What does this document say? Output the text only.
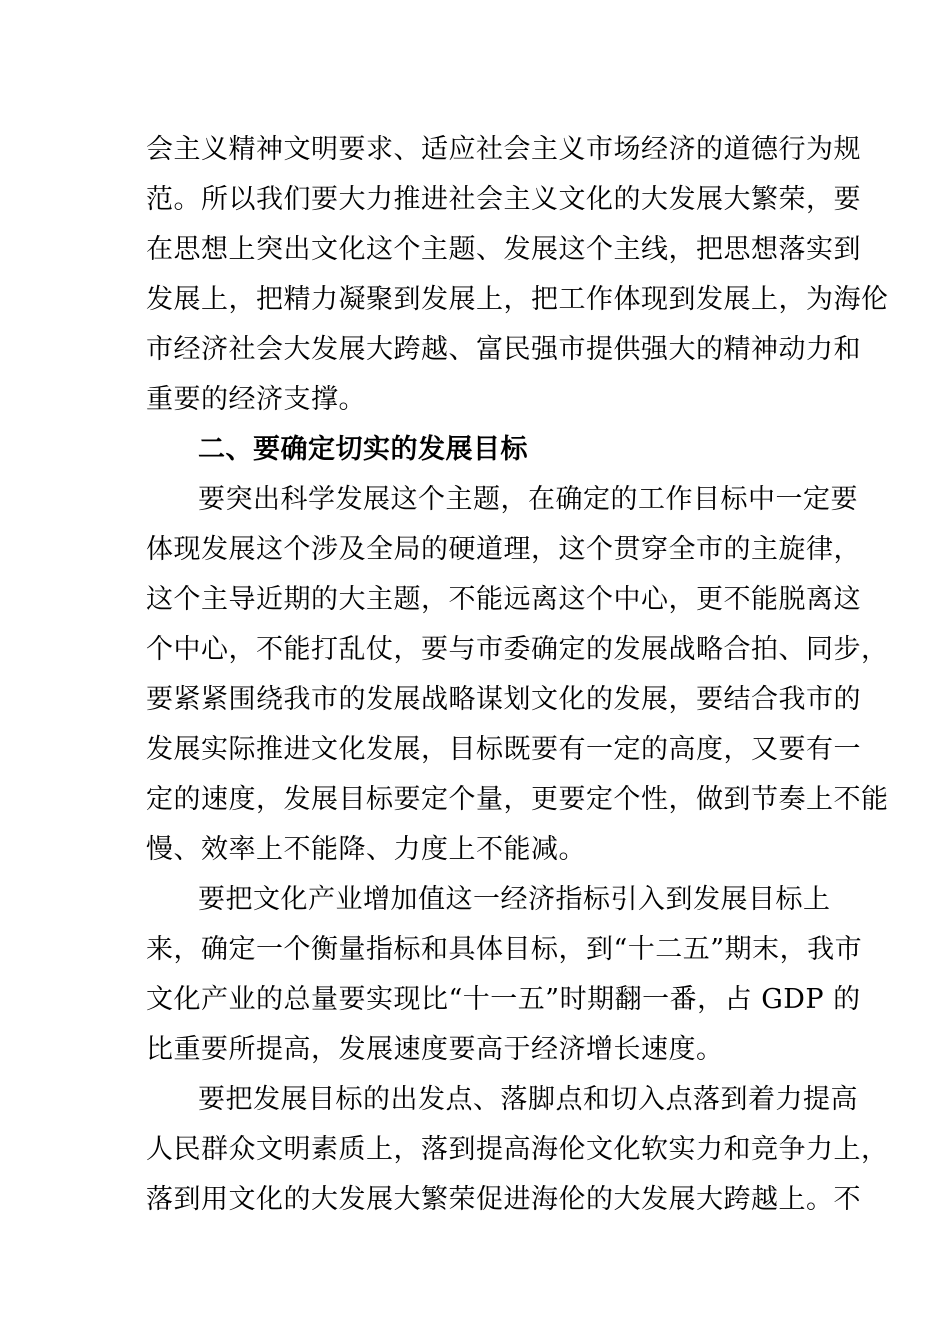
会主义精神文明要求、适应社会主义市场经济的道德行为规
范。所以我们要大力推进社会主义文化的大发展大繁荣，要
在思想上突出文化这个主题、发展这个主线，把思想落实到
发展上，把精力凝聚到发展上，把工作体现到发展上，为海伦
市经济社会大发展大跨越、富民强市提供强大的精神动力和
重要的经济支撑。
二、要确定切实的发展目标
要突出科学发展这个主题，在确定的工作目标中一定要
体现发展这个涉及全局的硬道理，这个贯穿全市的主旋律，
这个主导近期的大主题，不能远离这个中心，更不能脱离这
个中心，不能打乱仗，要与市委确定的发展战略合拍、同步，
要紧紧围绕我市的发展战略谋划文化的发展，要结合我市的
发展实际推进文化发展，目标既要有一定的高度，又要有一
定的速度，发展目标要定个量，更要定个性，做到节奏上不能
慢、效率上不能降、力度上不能减。
要把文化产业增加值这一经济指标引入到发展目标上
来，确定一个衡量指标和具体目标，到“十二五”期末，我市
文化产业的总量要实现比“十一五”时期翻一番，占 GDP 的
比重要所提高，发展速度要高于经济增长速度。
要把发展目标的出发点、落脚点和切入点落到着力提高
人民群众文明素质上，落到提高海伦文化软实力和竞争力上，
落到用文化的大发展大繁荣促进海伦的大发展大跨越上。不
